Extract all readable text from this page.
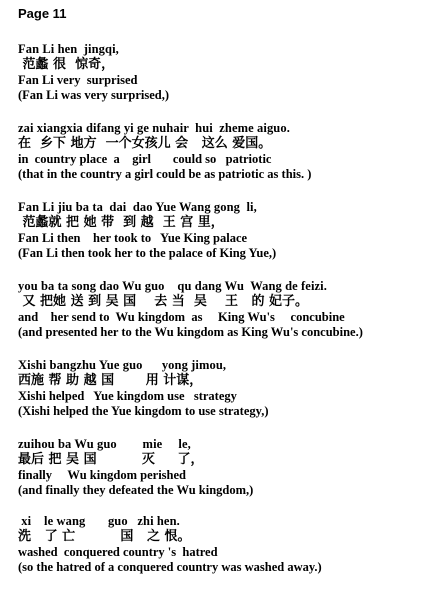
Page 11
Fan Li hen  jingqi,
范蠡 很  惊奇，
Fan Li very  surprised
(Fan Li was very surprised,)
zai xiangxia difang yi ge nuhair  hui  zheme aiguo.
在  乡下 地方  一个女孩儿 会   这么 爱国。
in  country place  a    girl       could so   patriotic
(that in the country a girl could be as patriotic as this. )
Fan Li jiu ba ta  dai  dao Yue Wang gong  li,
范蠡就 把 她 带  到 越  王 宫 里，
Fan Li then    her took to   Yue King palace
(Fan Li then took her to the palace of King Yue,)
you ba ta song dao Wu guo    qu dang Wu  Wang de feizi.
又 把她 送 到 吴 国    去 当  吴    王   的 妃子。
and    her send to  Wu kingdom  as     King Wu's     concubine
(and presented her to the Wu kingdom as King Wu's concubine.)
Xishi bangzhu Yue guo      yong jimou,
西施 帮 助 越 国       用 计谋，
Xishi helped   Yue kingdom use   strategy
(Xishi helped the Yue kingdom to use strategy,)
zuihou ba Wu guo        mie     le,
最后 把 吴 国          灭     了，
finally     Wu kingdom perished
(and finally they defeated the Wu kingdom,)
xi    le wang       guo   zhi hen.
洗   了 亡          国   之 恨。
washed  conquered country 's  hatred
(so the hatred of a conquered country was washed away.)
